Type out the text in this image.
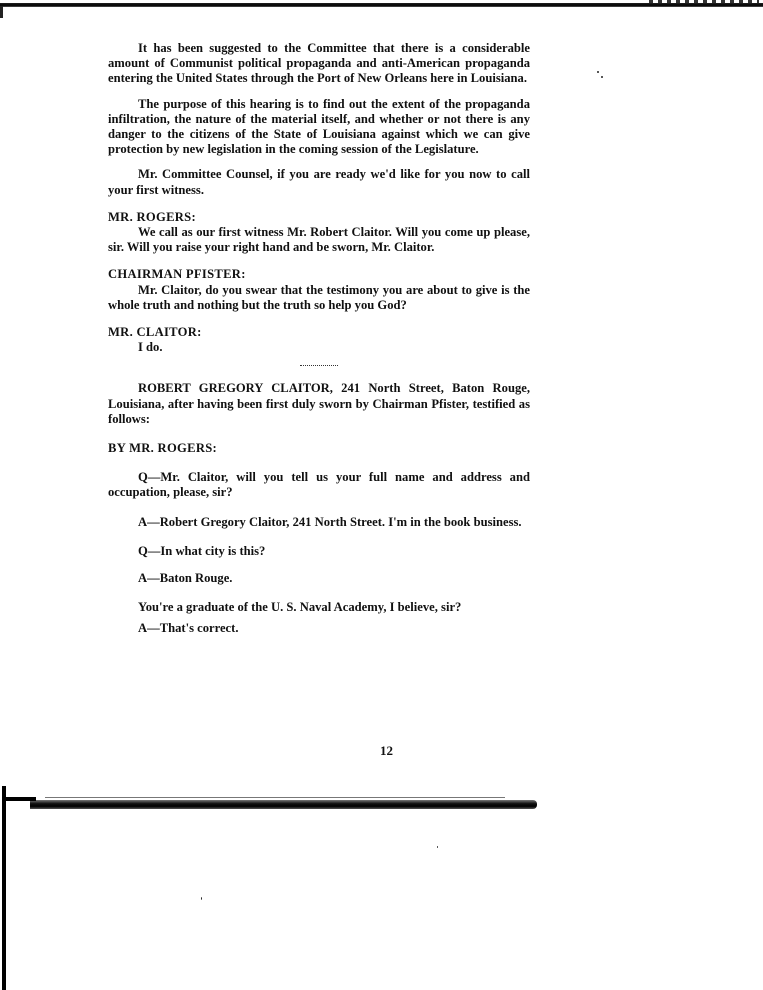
It has been suggested to the Committee that there is a considerable amount of Communist political propaganda and anti-American propaganda entering the United States through the Port of New Orleans here in Louisiana.

The purpose of this hearing is to find out the extent of the propaganda infiltration, the nature of the material itself, and whether or not there is any danger to the citizens of the State of Louisiana against which we can give protection by new legislation in the coming session of the Legislature.

Mr. Committee Counsel, if you are ready we'd like for you now to call your first witness.

MR. ROGERS:

We call as our first witness Mr. Robert Claitor. Will you come up please, sir. Will you raise your right hand and be sworn, Mr. Claitor.

CHAIRMAN PFISTER:

Mr. Claitor, do you swear that the testimony you are about to give is the whole truth and nothing but the truth so help you God?

MR. CLAITOR:

I do.

ROBERT GREGORY CLAITOR, 241 North Street, Baton Rouge, Louisiana, after having been first duly sworn by Chairman Pfister, testified as follows:

BY MR. ROGERS:

Q—Mr. Claitor, will you tell us your full name and address and occupation, please, sir?

A—Robert Gregory Claitor, 241 North Street. I'm in the book business.

Q—In what city is this?

A—Baton Rouge.

You're a graduate of the U. S. Naval Academy, I believe, sir?

A—That's correct.

12
